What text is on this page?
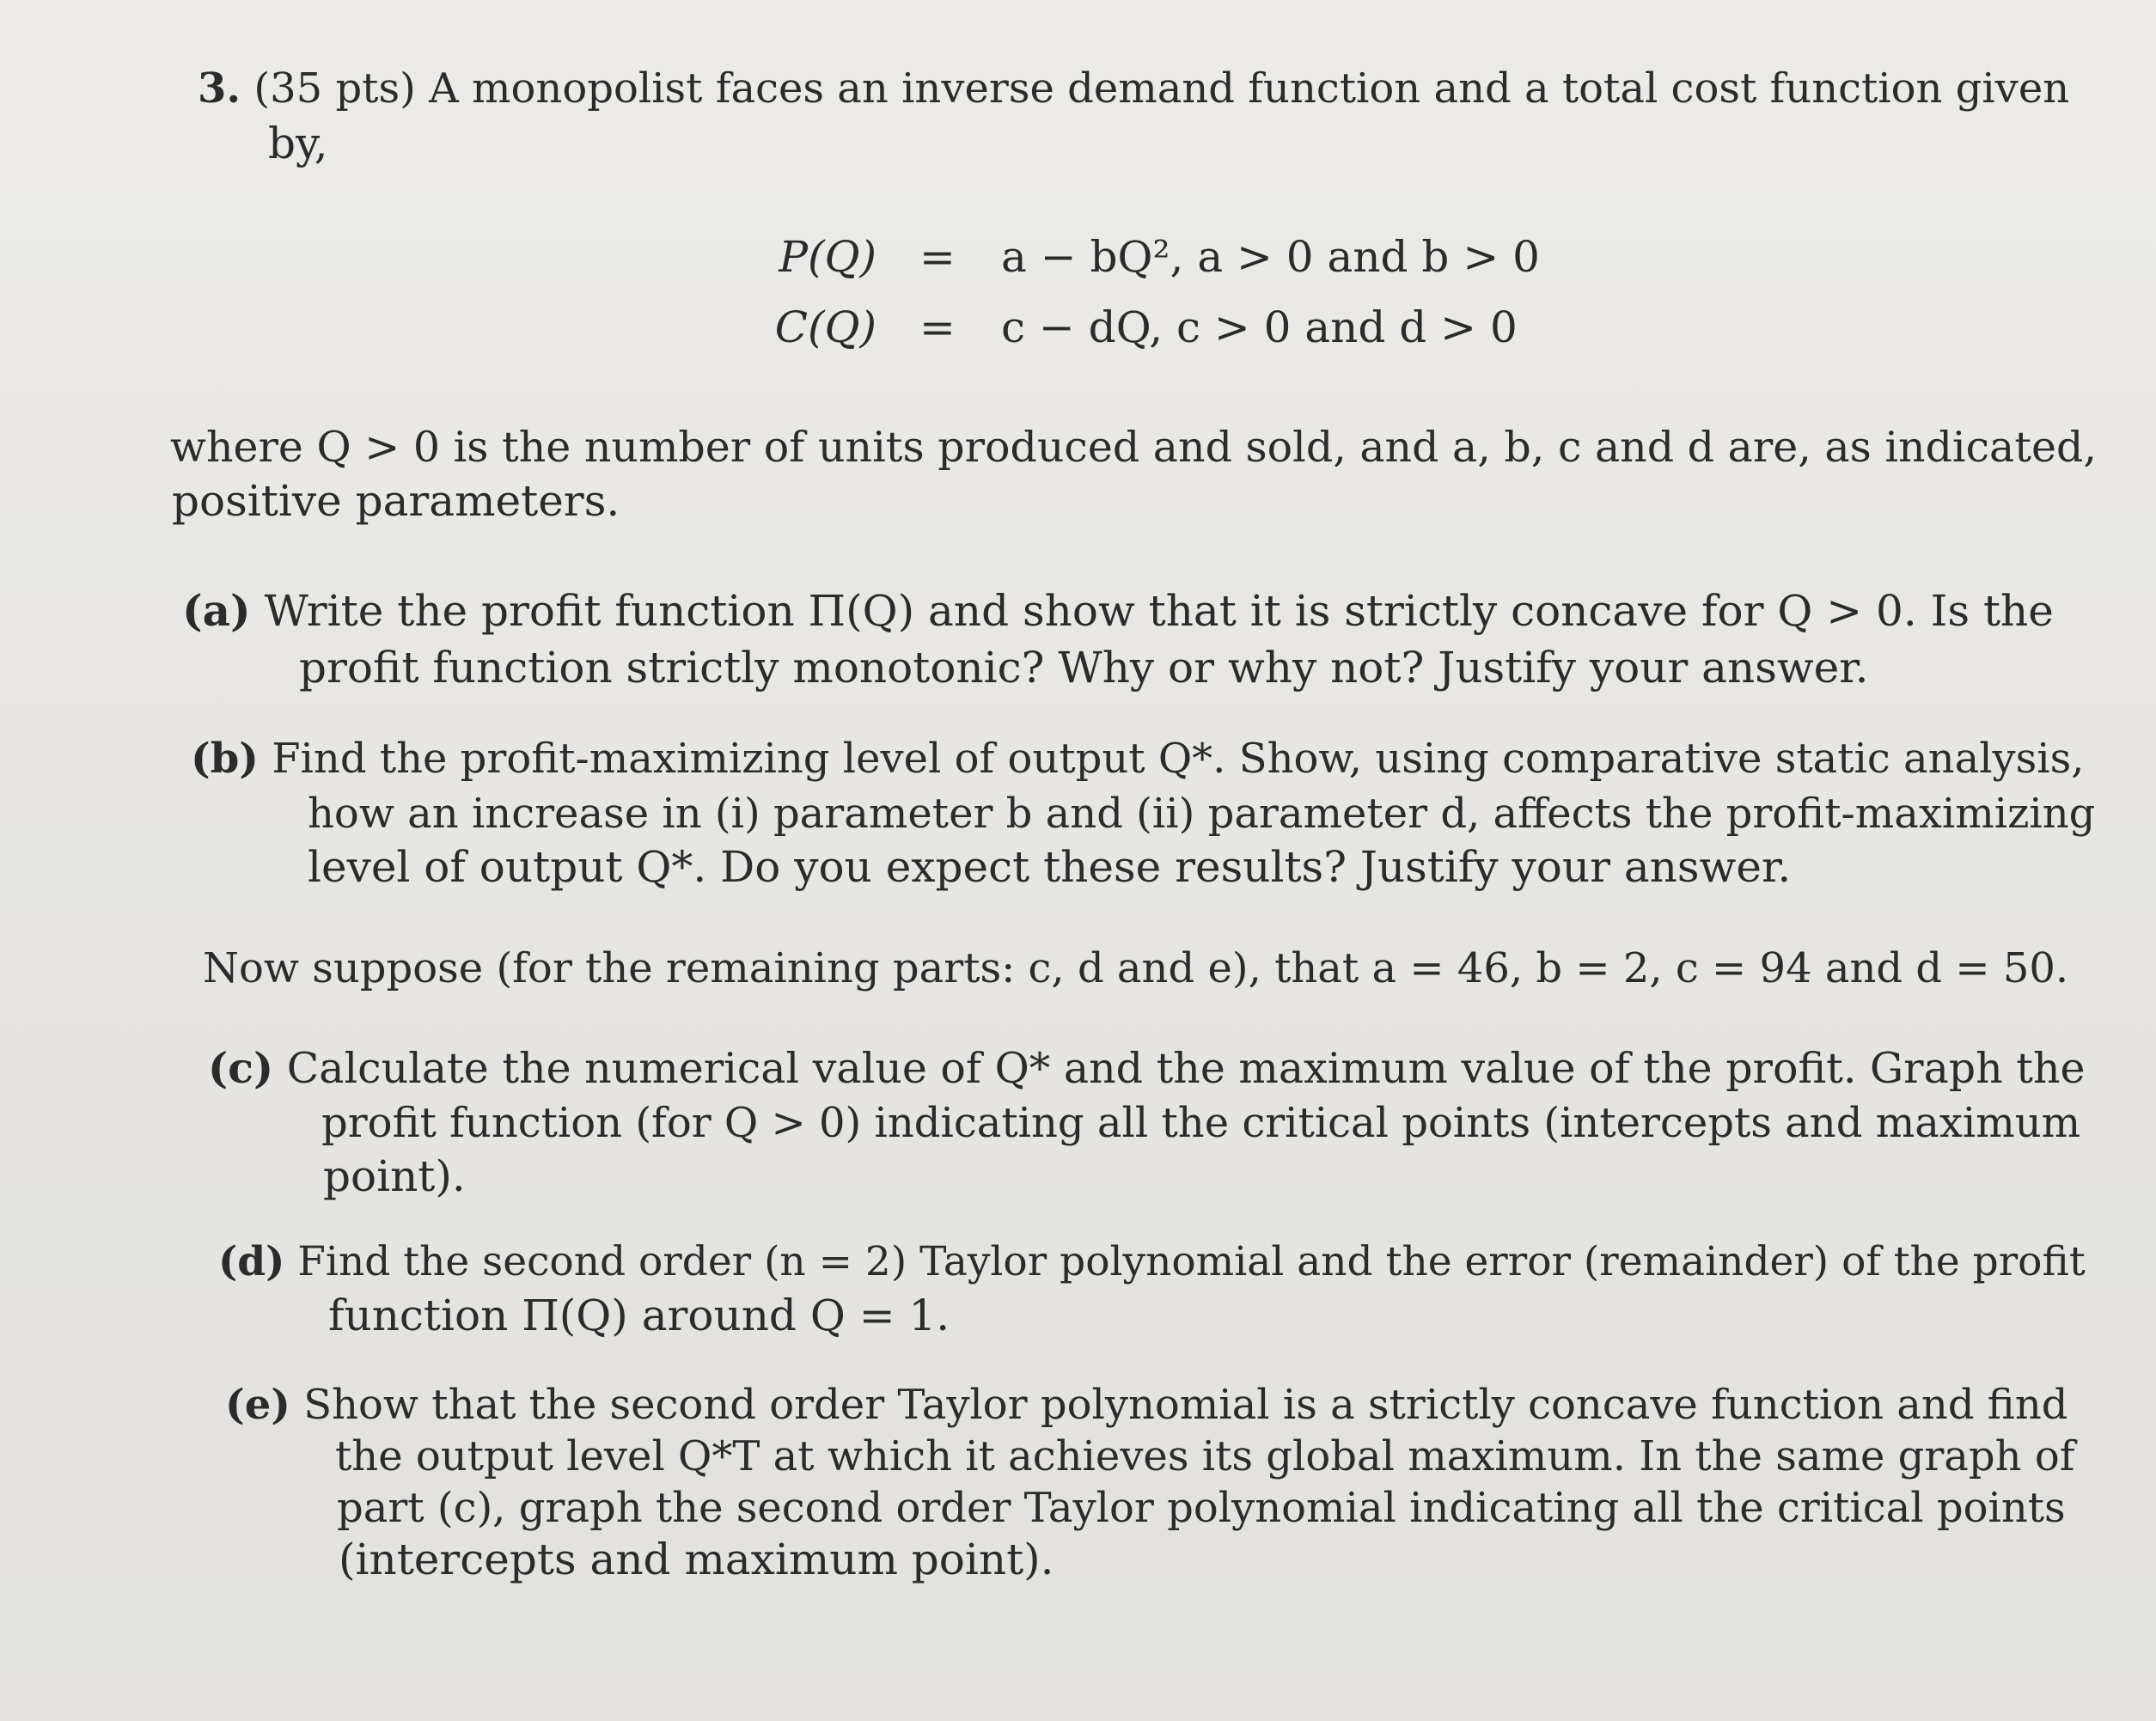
3. (35 pts) A monopolist faces an inverse demand function and a total cost function given
by,
P(Q) = a − bQ², a > 0 and b > 0
C(Q) = c − dQ, c > 0 and d > 0
where Q > 0 is the number of units produced and sold, and a, b, c and d are, as indicated,
positive parameters.
(a) Write the profit function Π(Q) and show that it is strictly concave for Q > 0. Is the
profit function strictly monotonic? Why or why not? Justify your answer.
(b) Find the profit-maximizing level of output Q*. Show, using comparative static analysis,
how an increase in (i) parameter b and (ii) parameter d, affects the profit-maximizing
level of output Q*. Do you expect these results? Justify your answer.
Now suppose (for the remaining parts: c, d and e), that a = 46, b = 2, c = 94 and d = 50.
(c) Calculate the numerical value of Q* and the maximum value of the profit. Graph the
profit function (for Q > 0) indicating all the critical points (intercepts and maximum
point).
(d) Find the second order (n = 2) Taylor polynomial and the error (remainder) of the profit
function Π(Q) around Q = 1.
(e) Show that the second order Taylor polynomial is a strictly concave function and find
the output level Q*T at which it achieves its global maximum. In the same graph of
part (c), graph the second order Taylor polynomial indicating all the critical points
(intercepts and maximum point).
